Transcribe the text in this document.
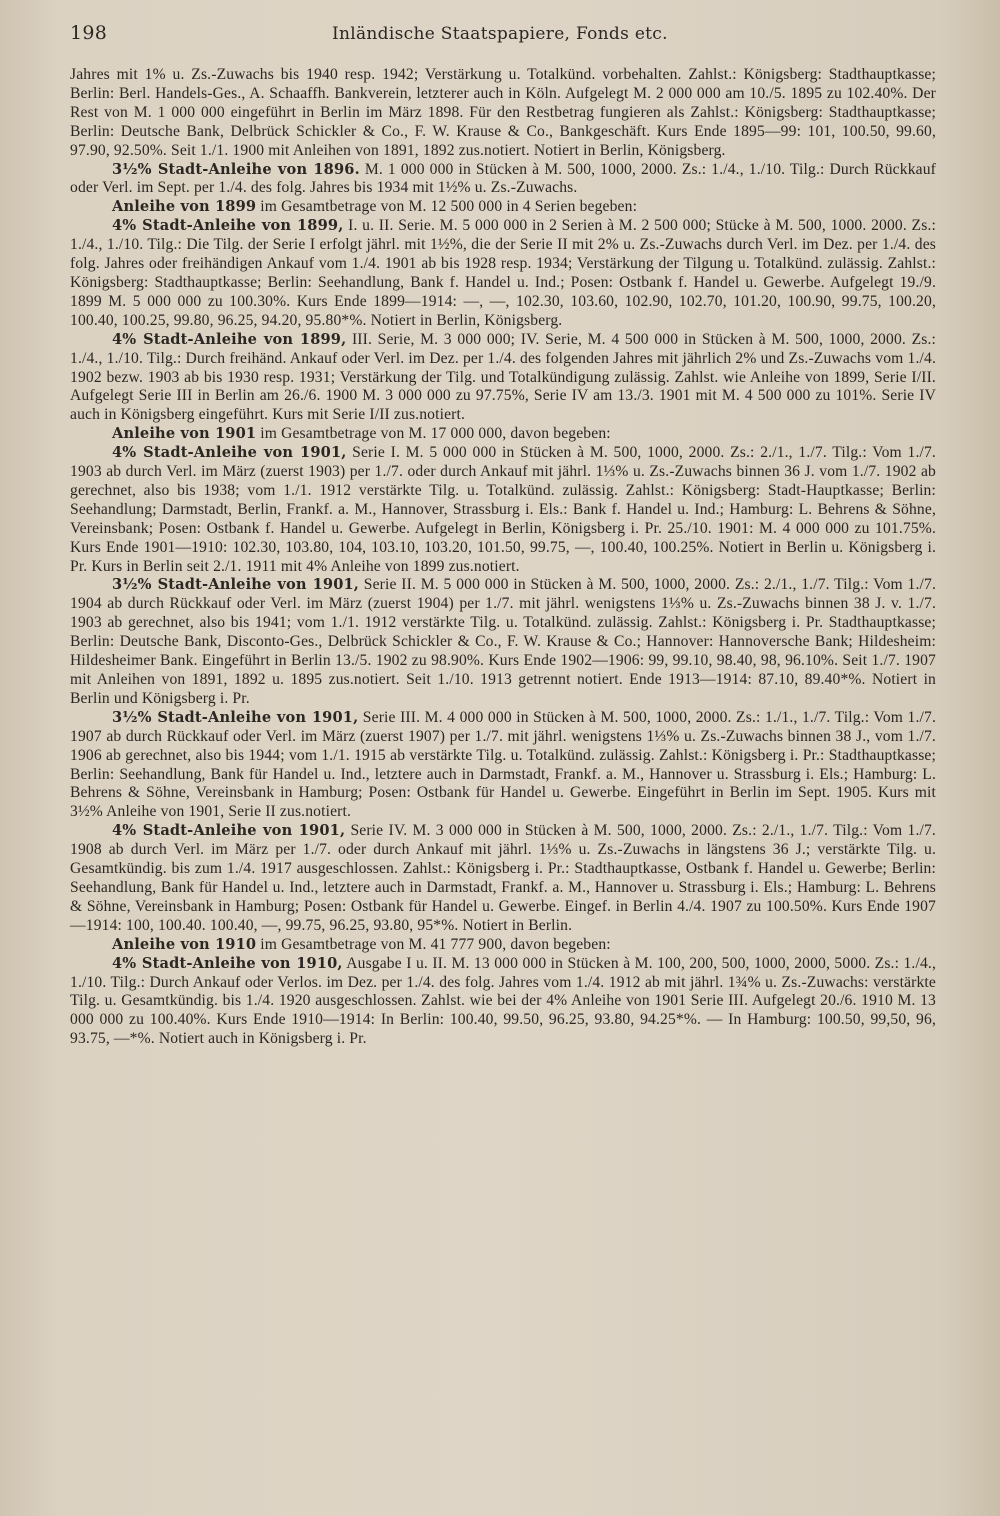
198	Inländische Staatspapiere, Fonds etc.

Jahres mit 1% u. Zs.-Zuwachs bis 1940 resp. 1942; Verstärkung u. Totalkünd. vorbehalten. Zahlst.: Königsberg: Stadthauptkasse; Berlin: Berl. Handels-Ges., A. Schaaffh. Bankverein, letzterer auch in Köln. Aufgelegt M. 2 000 000 am 10./5. 1895 zu 102.40%. Der Rest von M. 1 000 000 eingeführt in Berlin im März 1898. Für den Restbetrag fungieren als Zahlst.: Königsberg: Stadthauptkasse; Berlin: Deutsche Bank, Delbrück Schickler & Co., F. W. Krause & Co., Bankgeschäft. Kurs Ende 1895—99: 101, 100.50, 99.60, 97.90, 92.50%. Seit 1./1. 1900 mit Anleihen von 1891, 1892 zus.notiert. Notiert in Berlin, Königsberg.

3½% Stadt-Anleihe von 1896. M. 1 000 000 in Stücken à M. 500, 1000, 2000. Zs.: 1./4., 1./10. Tilg.: Durch Rückkauf oder Verl. im Sept. per 1./4. des folg. Jahres bis 1934 mit 1½% u. Zs.-Zuwachs.

Anleihe von 1899 im Gesamtbetrage von M. 12 500 000 in 4 Serien begeben:

4% Stadt-Anleihe von 1899, I. u. II. Serie. M. 5 000 000 in 2 Serien à M. 2 500 000; Stücke à M. 500, 1000. 2000. Zs.: 1./4., 1./10. Tilg.: Die Tilg. der Serie I erfolgt jährl. mit 1½%, die der Serie II mit 2% u. Zs.-Zuwachs durch Verl. im Dez. per 1./4. des folg. Jahres oder freihändigen Ankauf vom 1./4. 1901 ab bis 1928 resp. 1934; Verstärkung der Tilgung u. Totalkünd. zulässig. Zahlst.: Königsberg: Stadthauptkasse; Berlin: Seehandlung, Bank f. Handel u. Ind.; Posen: Ostbank f. Handel u. Gewerbe. Aufgelegt 19./9. 1899 M. 5 000 000 zu 100.30%. Kurs Ende 1899—1914: —, —, 102.30, 103.60, 102.90, 102.70, 101.20, 100.90, 99.75, 100.20, 100.40, 100.25, 99.80, 96.25, 94.20, 95.80*%. Notiert in Berlin, Königsberg.

4% Stadt-Anleihe von 1899, III. Serie, M. 3 000 000; IV. Serie, M. 4 500 000 in Stücken à M. 500, 1000, 2000. Zs.: 1./4., 1./10. Tilg.: Durch freihänd. Ankauf oder Verl. im Dez. per 1./4. des folgenden Jahres mit jährlich 2% und Zs.-Zuwachs vom 1./4. 1902 bezw. 1903 ab bis 1930 resp. 1931; Verstärkung der Tilg. und Totalkündigung zulässig. Zahlst. wie Anleihe von 1899, Serie I/II. Aufgelegt Serie III in Berlin am 26./6. 1900 M. 3 000 000 zu 97.75%, Serie IV am 13./3. 1901 mit M. 4 500 000 zu 101%. Serie IV auch in Königsberg eingeführt. Kurs mit Serie I/II zus.notiert.

Anleihe von 1901 im Gesamtbetrage von M. 17 000 000, davon begeben:

4% Stadt-Anleihe von 1901, Serie I. M. 5 000 000 in Stücken à M. 500, 1000, 2000. Zs.: 2./1., 1./7. Tilg.: Vom 1./7. 1903 ab durch Verl. im März (zuerst 1903) per 1./7. oder durch Ankauf mit jährl. 1⅓% u. Zs.-Zuwachs binnen 36 J. vom 1./7. 1902 ab gerechnet, also bis 1938; vom 1./1. 1912 verstärkte Tilg. u. Totalkünd. zulässig. Zahlst.: Königsberg: Stadt-Hauptkasse; Berlin: Seehandlung; Darmstadt, Berlin, Frankf. a. M., Hannover, Strassburg i. Els.: Bank f. Handel u. Ind.; Hamburg: L. Behrens & Söhne, Vereinsbank; Posen: Ostbank f. Handel u. Gewerbe. Aufgelegt in Berlin, Königsberg i. Pr. 25./10. 1901: M. 4 000 000 zu 101.75%. Kurs Ende 1901—1910: 102.30, 103.80, 104, 103.10, 103.20, 101.50, 99.75, —, 100.40, 100.25%. Notiert in Berlin u. Königsberg i. Pr. Kurs in Berlin seit 2./1. 1911 mit 4% Anleihe von 1899 zus.notiert.

3½% Stadt-Anleihe von 1901, Serie II. M. 5 000 000 in Stücken à M. 500, 1000, 2000. Zs.: 2./1., 1./7. Tilg.: Vom 1./7. 1904 ab durch Rückkauf oder Verl. im März (zuerst 1904) per 1./7. mit jährl. wenigstens 1⅓% u. Zs.-Zuwachs binnen 38 J. v. 1./7. 1903 ab gerechnet, also bis 1941; vom 1./1. 1912 verstärkte Tilg. u. Totalkünd. zulässig. Zahlst.: Königsberg i. Pr. Stadthauptkasse; Berlin: Deutsche Bank, Disconto-Ges., Delbrück Schickler & Co., F. W. Krause & Co.; Hannover: Hannoversche Bank; Hildesheim: Hildesheimer Bank. Eingeführt in Berlin 13./5. 1902 zu 98.90%. Kurs Ende 1902—1906: 99, 99.10, 98.40, 98, 96.10%. Seit 1./7. 1907 mit Anleihen von 1891, 1892 u. 1895 zus.notiert. Seit 1./10. 1913 getrennt notiert. Ende 1913—1914: 87.10, 89.40*%. Notiert in Berlin und Königsberg i. Pr.

3½% Stadt-Anleihe von 1901, Serie III. M. 4 000 000 in Stücken à M. 500, 1000, 2000. Zs.: 1./1., 1./7. Tilg.: Vom 1./7. 1907 ab durch Rückkauf oder Verl. im März (zuerst 1907) per 1./7. mit jährl. wenigstens 1⅓% u. Zs.-Zuwachs binnen 38 J., vom 1./7. 1906 ab gerechnet, also bis 1944; vom 1./1. 1915 ab verstärkte Tilg. u. Totalkünd. zulässig. Zahlst.: Königsberg i. Pr.: Stadthauptkasse; Berlin: Seehandlung, Bank für Handel u. Ind., letztere auch in Darmstadt, Frankf. a. M., Hannover u. Strassburg i. Els.; Hamburg: L. Behrens & Söhne, Vereinsbank in Hamburg; Posen: Ostbank für Handel u. Gewerbe. Eingeführt in Berlin im Sept. 1905. Kurs mit 3½% Anleihe von 1901, Serie II zus.notiert.

4% Stadt-Anleihe von 1901, Serie IV. M. 3 000 000 in Stücken à M. 500, 1000, 2000. Zs.: 2./1., 1./7. Tilg.: Vom 1./7. 1908 ab durch Verl. im März per 1./7. oder durch Ankauf mit jährl. 1⅓% u. Zs.-Zuwachs in längstens 36 J.; verstärkte Tilg. u. Gesamtkündig. bis zum 1./4. 1917 ausgeschlossen. Zahlst.: Königsberg i. Pr.: Stadthauptkasse, Ostbank f. Handel u. Gewerbe; Berlin: Seehandlung, Bank für Handel u. Ind., letztere auch in Darmstadt, Frankf. a. M., Hannover u. Strassburg i. Els.; Hamburg: L. Behrens & Söhne, Vereinsbank in Hamburg; Posen: Ostbank für Handel u. Gewerbe. Eingef. in Berlin 4./4. 1907 zu 100.50%. Kurs Ende 1907—1914: 100, 100.40. 100.40, —, 99.75, 96.25, 93.80, 95*%. Notiert in Berlin.

Anleihe von 1910 im Gesamtbetrage von M. 41 777 900, davon begeben:

4% Stadt-Anleihe von 1910, Ausgabe I u. II. M. 13 000 000 in Stücken à M. 100, 200, 500, 1000, 2000, 5000. Zs.: 1./4., 1./10. Tilg.: Durch Ankauf oder Verlos. im Dez. per 1./4. des folg. Jahres vom 1./4. 1912 ab mit jährl. 1¾% u. Zs.-Zuwachs: verstärkte Tilg. u. Gesamtkündig. bis 1./4. 1920 ausgeschlossen. Zahlst. wie bei der 4% Anleihe von 1901 Serie III. Aufgelegt 20./6. 1910 M. 13 000 000 zu 100.40%. Kurs Ende 1910—1914: In Berlin: 100.40, 99.50, 96.25, 93.80, 94.25*%. — In Hamburg: 100.50, 99,50, 96, 93.75, —*%. Notiert auch in Königsberg i. Pr.
